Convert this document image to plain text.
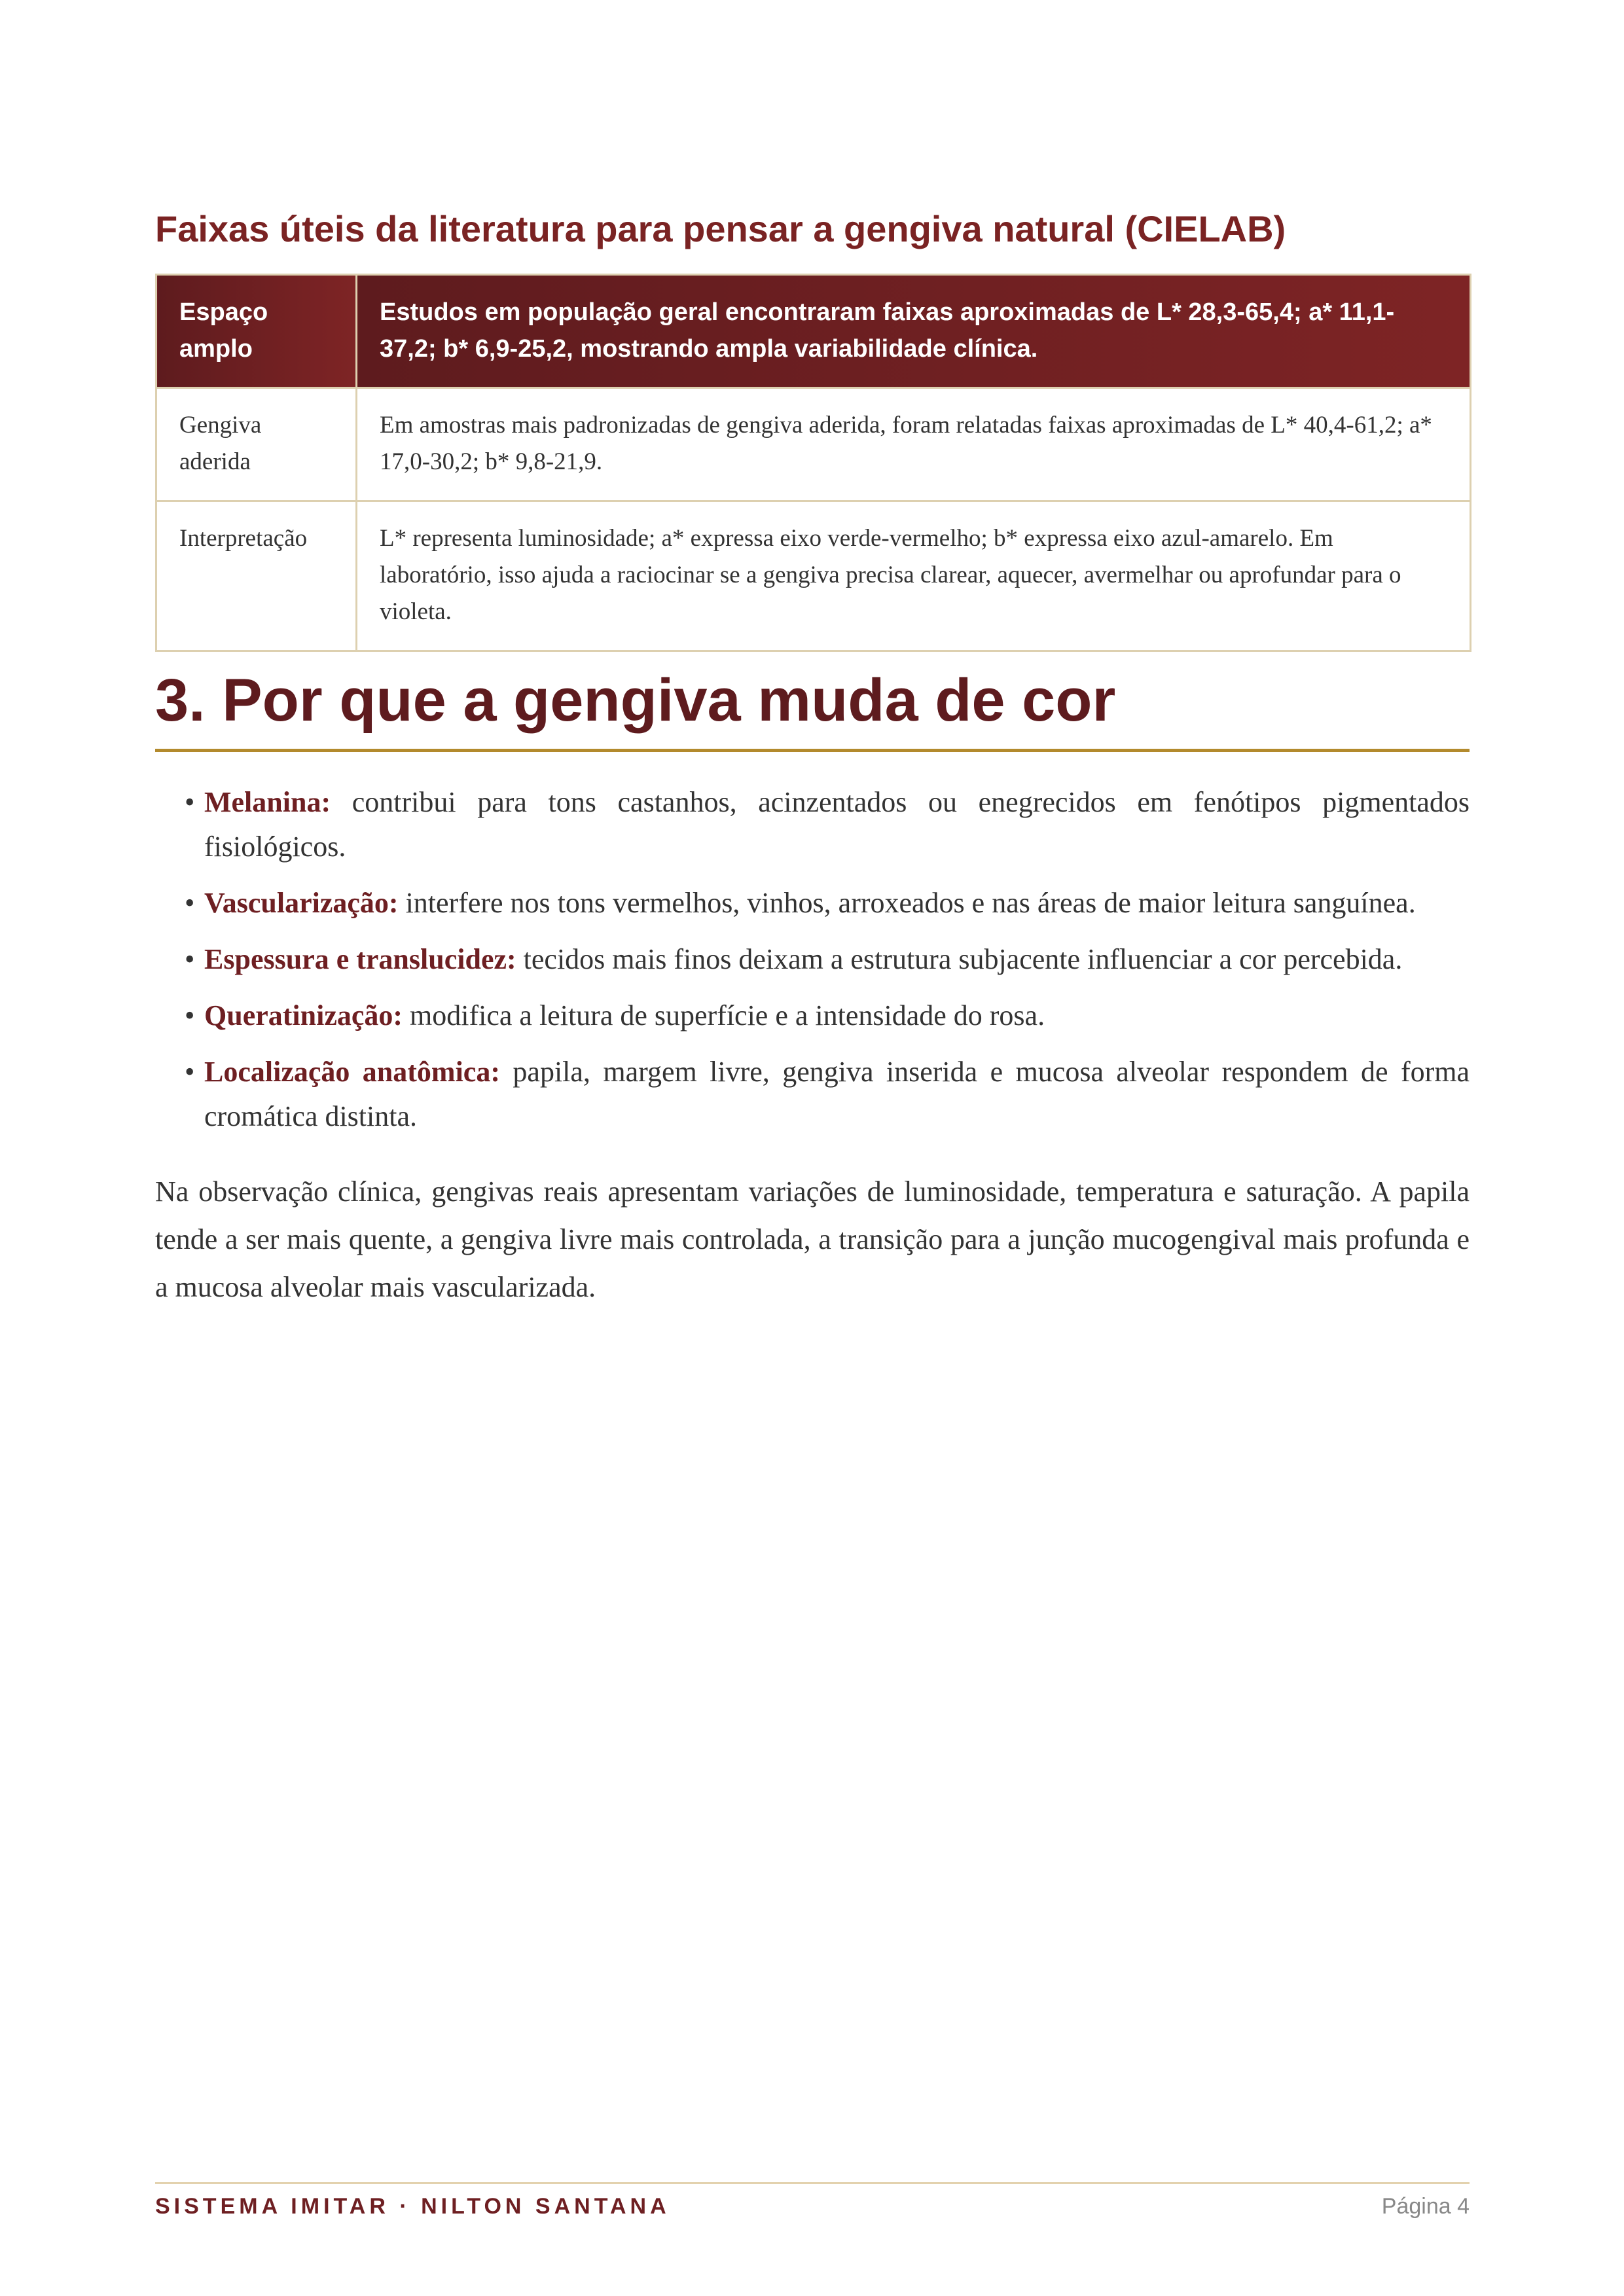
Faixas úteis da literatura para pensar a gengiva natural (CIELAB)
Espaço amplo	Estudos em população geral encontraram faixas aproximadas de L* 28,3-65,4; a* 11,1-37,2; b* 6,9-25,2, mostrando ampla variabilidade clínica.
Gengiva aderida	Em amostras mais padronizadas de gengiva aderida, foram relatadas faixas aproximadas de L* 40,4-61,2; a* 17,0-30,2; b* 9,8-21,9.
Interpretação	L* representa luminosidade; a* expressa eixo verde-vermelho; b* expressa eixo azul-amarelo. Em laboratório, isso ajuda a raciocinar se a gengiva precisa clarear, aquecer, avermelhar ou aprofundar para o violeta.
3. Por que a gengiva muda de cor
• Melanina: contribui para tons castanhos, acinzentados ou enegrecidos em fenótipos pigmentados fisiológicos.
• Vascularização: interfere nos tons vermelhos, vinhos, arroxeados e nas áreas de maior leitura sanguínea.
• Espessura e translucidez: tecidos mais finos deixam a estrutura subjacente influenciar a cor percebida.
• Queratinização: modifica a leitura de superfície e a intensidade do rosa.
• Localização anatômica: papila, margem livre, gengiva inserida e mucosa alveolar respondem de forma cromática distinta.

Na observação clínica, gengivas reais apresentam variações de luminosidade, temperatura e saturação. A papila tende a ser mais quente, a gengiva livre mais controlada, a transição para a junção mucogengival mais profunda e a mucosa alveolar mais vascularizada.

SISTEMA IMITAR · NILTON SANTANA	Página 4
